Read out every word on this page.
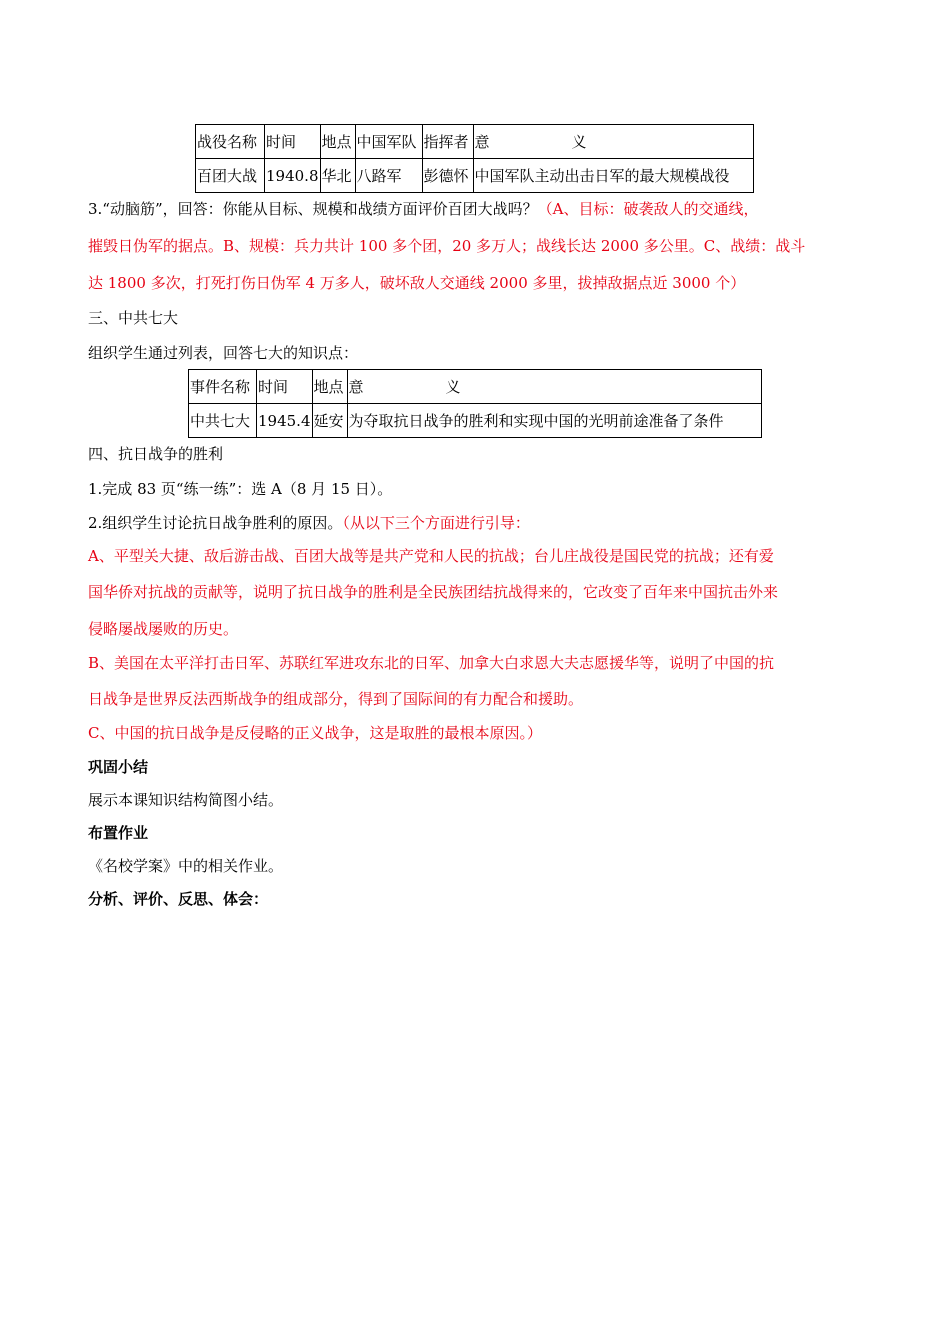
战役名称	时间	地点	中国军队	指挥者	意 义
百团大战	1940.8	华北	八路军	彭德怀	中国军队主动出击日军的最大规模战役
3.“动脑筋”，回答：你能从目标、规模和战绩方面评价百团大战吗？（A、目标：破袭敌人的交通线，
摧毁日伪军的据点。B、规模：兵力共计 100 多个团，20 多万人；战线长达 2000 多公里。C、战绩：战斗
达 1800 多次，打死打伤日伪军 4 万多人，破坏敌人交通线 2000 多里，拔掉敌据点近 3000 个）
三、中共七大
组织学生通过列表，回答七大的知识点：
事件名称	时间	地点	意 义
中共七大	1945.4	延安	为夺取抗日战争的胜利和实现中国的光明前途准备了条件
四、抗日战争的胜利
1.完成 83 页“练一练”：选 A（8 月 15 日）。
2.组织学生讨论抗日战争胜利的原因。（从以下三个方面进行引导：
A、平型关大捷、敌后游击战、百团大战等是共产党和人民的抗战；台儿庄战役是国民党的抗战；还有爱
国华侨对抗战的贡献等，说明了抗日战争的胜利是全民族团结抗战得来的，它改变了百年来中国抗击外来
侵略屡战屡败的历史。
B、美国在太平洋打击日军、苏联红军进攻东北的日军、加拿大白求恩大夫志愿援华等，说明了中国的抗
日战争是世界反法西斯战争的组成部分，得到了国际间的有力配合和援助。
C、中国的抗日战争是反侵略的正义战争，这是取胜的最根本原因。）
巩固小结
展示本课知识结构简图小结。
布置作业
《名校学案》中的相关作业。
分析、评价、反思、体会：
